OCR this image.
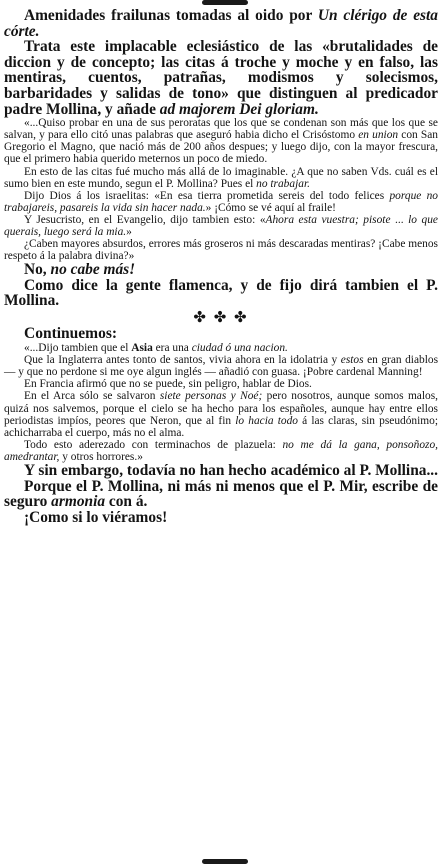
Amenidades frailunas tomadas al oido por Un clérigo de esta córte.

Trata este implacable eclesiástico de las «brutalidades de diccion y de concepto; las citas á troche y moche y en falso, las mentiras, cuentos, patrañas, modismos y solecismos, barbaridades y salidas de tono» que distinguen al predicador padre Mollina, y añade ad majorem Dei gloriam.

«...Quiso probar en una de sus peroratas que los que se condenan son más que los que se salvan, y para ello citó unas palabras que aseguró habia dicho el Crisóstomo en union con San Gregorio el Magno, que nació más de 200 años despues; y luego dijo, con la mayor frescura, que el primero habia querido meternos un poco de miedo.

En esto de las citas fué mucho más allá de lo imaginable. ¿A que no saben Vds. cuál es el sumo bien en este mundo, segun el P. Mollina? Pues el no trabajar.

Dijo Dios á los israelitas: «En esa tierra prometida sereis del todo felices porque no trabajareis, pasareis la vida sin hacer nada.» ¡Cómo se vé aquí al fraile!

Y Jesucristo, en el Evangelio, dijo tambien esto: «Ahora esta vuestra; pisote ... lo que querais, luego será la mia.»

¿Caben mayores absurdos, errores más groseros ni más descaradas mentiras? ¡Cabe menos respeto á la palabra divina?»

No, no cabe más!

Como dice la gente flamenca, y de fijo dirá tambien el P. Mollina.

✤ ✤ ✤

Continuemos:

«...Dijo tambien que el Asia era una ciudad ó una nacion.

Que la Inglaterra antes tonto de santos, vivia ahora en la idolatria y estos en gran diablos — y que no perdone si me oye algun inglés — añadió con guasa. ¡Pobre cardenal Manning!

En Francia afirmó que no se puede, sin peligro, hablar de Dios.

En el Arca sólo se salvaron siete personas y Noé; pero nosotros, aunque somos malos, quizá nos salvemos, porque el cielo se ha hecho para los españoles, aunque hay entre ellos periodistas impíos, peores que Neron, que al fin lo hacia todo á las claras, sin pseudónimo; achicharraba el cuerpo, más no el alma.

Todo esto aderezado con terminachos de plazuela: no me dá la gana, ponsoñozo, amedrantar, y otros horrores.»

Y sin embargo, todavía no han hecho académico al P. Mollina...

Porque el P. Mollina, ni más ni menos que el P. Mir, escribe de seguro armonia con á.

¡Como si lo viéramos!
